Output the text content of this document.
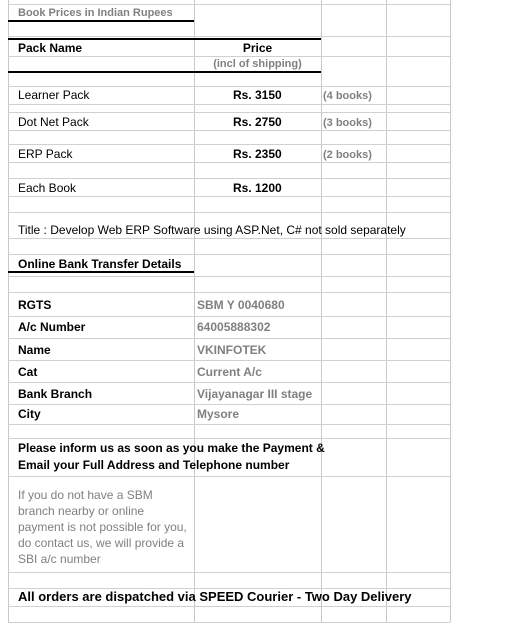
Book Prices in Indian Rupees
Pack Name	Price
(incl of shipping)
Learner Pack	Rs. 3150	(4 books)
Dot Net Pack	Rs. 2750	(3 books)
ERP Pack	Rs. 2350	(2 books)
Each Book	Rs. 1200
Title : Develop Web ERP Software using ASP.Net, C# not sold separately
Online Bank Transfer Details
RGTS	SBM Y 0040680
A/c Number	64005888302
Name	VKINFOTEK
Cat	Current A/c
Bank Branch	Vijayanagar III stage
City	Mysore
Please inform us as soon as you make the Payment &
Email your Full Address and Telephone number
If you do not have a SBM branch nearby or online payment is not possible for you, do contact us, we will provide a SBI a/c number
All orders are dispatched via SPEED Courier - Two Day Delivery
